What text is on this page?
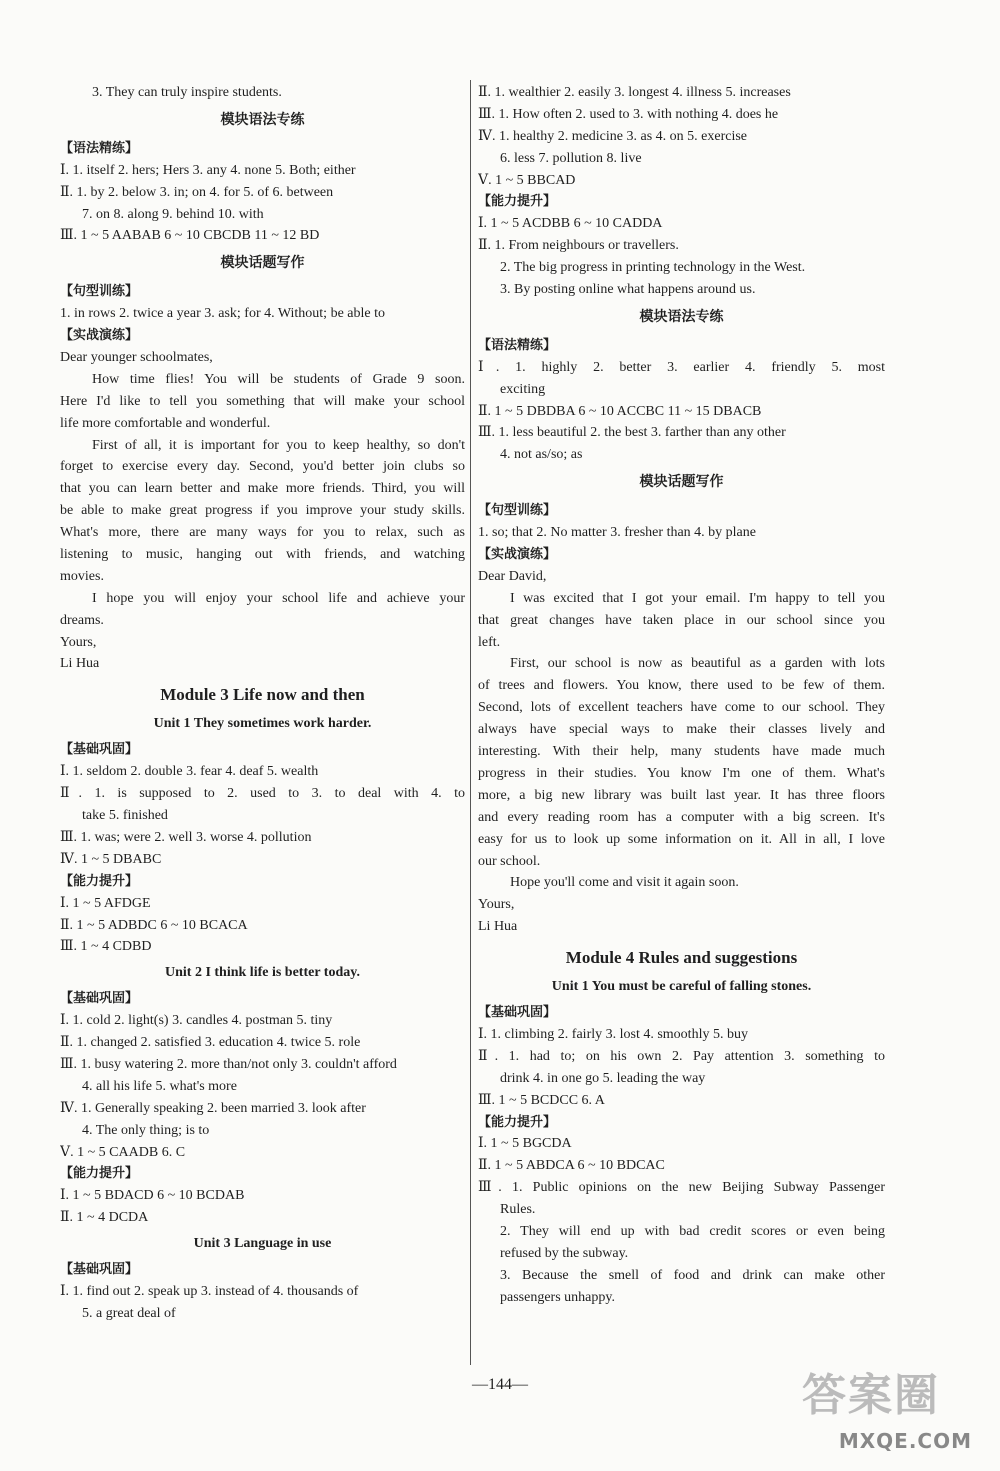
3. They can truly inspire students.
模块语法专练
【语法精练】
Ⅰ. 1. itself 2. hers; Hers 3. any 4. none 5. Both; either
Ⅱ. 1. by 2. below 3. in; on 4. for 5. of 6. between
7. on 8. along 9. behind 10. with
Ⅲ. 1 ~ 5 AABAB 6 ~ 10 CBCDB 11 ~ 12 BD
模块话题写作
【句型训练】
1. in rows 2. twice a year 3. ask; for 4. Without; be able to
【实战演练】
Dear younger schoolmates,
How time flies! You will be students of Grade 9 soon.
Here I'd like to tell you something that will make your school
life more comfortable and wonderful.
First of all, it is important for you to keep healthy, so don't
forget to exercise every day. Second, you'd better join clubs so
that you can learn better and make more friends. Third, you will
be able to make great progress if you improve your study skills.
What's more, there are many ways for you to relax, such as
listening to music, hanging out with friends, and watching
movies.
I hope you will enjoy your school life and achieve your
dreams.
Yours,
Li Hua
Module 3 Life now and then
Unit 1 They sometimes work harder.
【基础巩固】
Ⅰ. 1. seldom 2. double 3. fear 4. deaf 5. wealth
Ⅱ. 1. is supposed to 2. used to 3. to deal with 4. to
take 5. finished
Ⅲ. 1. was; were 2. well 3. worse 4. pollution
Ⅳ. 1 ~ 5 DBABC
【能力提升】
Ⅰ. 1 ~ 5 AFDGE
Ⅱ. 1 ~ 5 ADBDC 6 ~ 10 BCACA
Ⅲ. 1 ~ 4 CDBD
Unit 2 I think life is better today.
【基础巩固】
Ⅰ. 1. cold 2. light(s) 3. candles 4. postman 5. tiny
Ⅱ. 1. changed 2. satisfied 3. education 4. twice 5. role
Ⅲ. 1. busy watering 2. more than/not only 3. couldn't afford
4. all his life 5. what's more
Ⅳ. 1. Generally speaking 2. been married 3. look after
4. The only thing; is to
Ⅴ. 1 ~ 5 CAADB 6. C
【能力提升】
Ⅰ. 1 ~ 5 BDACD 6 ~ 10 BCDAB
Ⅱ. 1 ~ 4 DCDA
Unit 3 Language in use
【基础巩固】
Ⅰ. 1. find out 2. speak up 3. instead of 4. thousands of
5. a great deal of
Ⅱ. 1. wealthier 2. easily 3. longest 4. illness 5. increases
Ⅲ. 1. How often 2. used to 3. with nothing 4. does he
Ⅳ. 1. healthy 2. medicine 3. as 4. on 5. exercise
6. less 7. pollution 8. live
Ⅴ. 1 ~ 5 BBCAD
【能力提升】
Ⅰ. 1 ~ 5 ACDBB 6 ~ 10 CADDA
Ⅱ. 1. From neighbours or travellers.
2. The big progress in printing technology in the West.
3. By posting online what happens around us.
模块语法专练
【语法精练】
Ⅰ. 1. highly 2. better 3. earlier 4. friendly 5. most
exciting
Ⅱ. 1 ~ 5 DBDBA 6 ~ 10 ACCBC 11 ~ 15 DBACB
Ⅲ. 1. less beautiful 2. the best 3. farther than any other
4. not as/so; as
模块话题写作
【句型训练】
1. so; that 2. No matter 3. fresher than 4. by plane
【实战演练】
Dear David,
I was excited that I got your email. I'm happy to tell you
that great changes have taken place in our school since you
left.
First, our school is now as beautiful as a garden with lots
of trees and flowers. You know, there used to be few of them.
Second, lots of excellent teachers have come to our school. They
always have special ways to make their classes lively and
interesting. With their help, many students have made much
progress in their studies. You know I'm one of them. What's
more, a big new library was built last year. It has three floors
and every reading room has a computer with a big screen. It's
easy for us to look up some information on it. All in all, I love
our school.
Hope you'll come and visit it again soon.
Yours,
Li Hua
Module 4 Rules and suggestions
Unit 1 You must be careful of falling stones.
【基础巩固】
Ⅰ. 1. climbing 2. fairly 3. lost 4. smoothly 5. buy
Ⅱ. 1. had to; on his own 2. Pay attention 3. something to
drink 4. in one go 5. leading the way
Ⅲ. 1 ~ 5 BCDCC 6. A
【能力提升】
Ⅰ. 1 ~ 5 BGCDA
Ⅱ. 1 ~ 5 ABDCA 6 ~ 10 BDCAC
Ⅲ. 1. Public opinions on the new Beijing Subway Passenger
Rules.
2. They will end up with bad credit scores or even being
refused by the subway.
3. Because the smell of food and drink can make other
passengers unhappy.
—144—	答案圈
MXQE.COM
